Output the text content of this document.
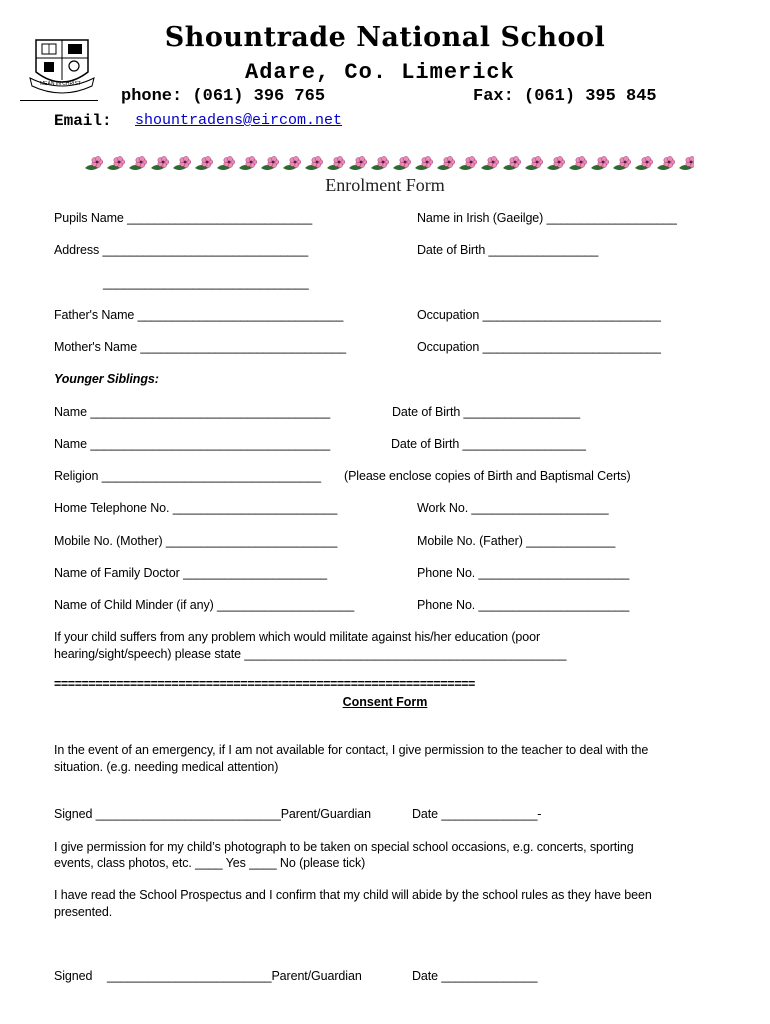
MEAN IN CHRIST
Shountrade National School
Adare, Co. Limerick
phone: (061) 396 765	Fax: (061) 395 845
Email: shountradens@eircom.net
Enrolment Form
Pupils Name ___________________________	Name in Irish (Gaeilge) ___________________
Address ______________________________	Date of Birth ________________
______________________________
Father's Name ______________________________	Occupation __________________________
Mother's Name ______________________________	Occupation __________________________
Younger Siblings:
Name ___________________________________	Date of Birth _________________
Name ___________________________________	Date of Birth __________________
Religion ________________________________ (Please enclose copies of Birth and Baptismal Certs)
Home Telephone No. ________________________	Work No. ____________________
Mobile No. (Mother) _________________________	Mobile No. (Father) _____________
Name of Family Doctor _____________________	Phone No. ______________________
Name of Child Minder (if any) ____________________	Phone No. ______________________
If your child suffers from any problem which would militate against his/her education (poor
hearing/sight/speech) please state _______________________________________________
=============================================================
Consent Form
In the event of an emergency, if I am not available for contact, I give permission to the teacher to deal with the
situation. (e.g. needing medical attention)
Signed ___________________________Parent/Guardian	Date ______________-
I give permission for my child’s photograph to be taken on special school occasions, e.g. concerts, sporting
events, class photos, etc. ____ Yes ____ No (please tick)
I have read the School Prospectus and I confirm that my child will abide by the school rules as they have been
presented.
Signed ________________________Parent/Guardian	Date ______________
